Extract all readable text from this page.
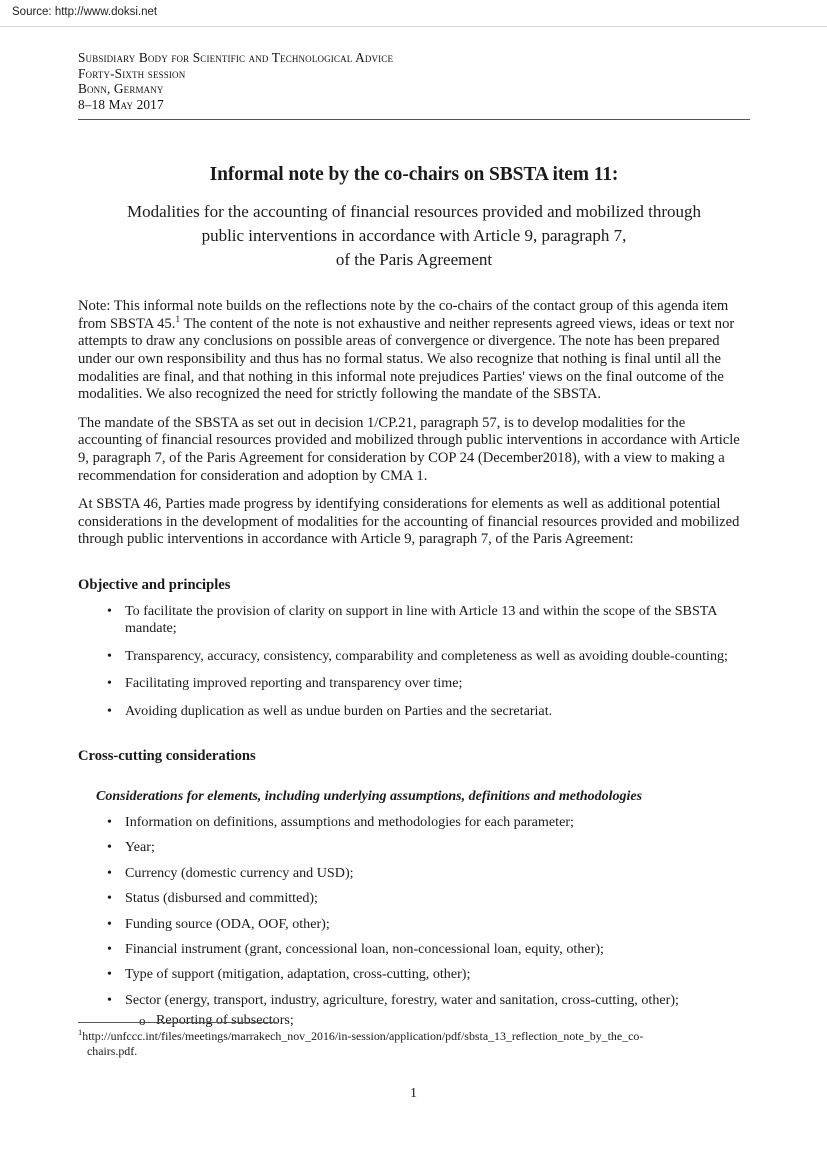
Source: http://www.doksi.net
Subsidiary Body for Scientific and Technological Advice
Forty-Sixth session
Bonn, Germany
8–18 May 2017
Informal note by the co-chairs on SBSTA item 11:
Modalities for the accounting of financial resources provided and mobilized through
public interventions in accordance with Article 9, paragraph 7,
of the Paris Agreement

Note: This informal note builds on the reflections note by the co-chairs of the contact group of this agenda item from SBSTA 45.$^1$ The content of the note is not exhaustive and neither represents agreed views, ideas or text nor attempts to draw any conclusions on possible areas of convergence or divergence. The note has been prepared under our own responsibility and thus has no formal status. We also recognize that nothing is final until all the modalities are final, and that nothing in this informal note prejudices Parties' views on the final outcome of the modalities. We also recognized the need for strictly following the mandate of the SBSTA.

The mandate of the SBSTA as set out in decision 1/CP.21, paragraph 57, is to develop modalities for the accounting of financial resources provided and mobilized through public interventions in accordance with Article 9, paragraph 7, of the Paris Agreement for consideration by COP 24 (December2018), with a view to making a recommendation for consideration and adoption by CMA 1.

At SBSTA 46, Parties made progress by identifying considerations for elements as well as additional potential considerations in the development of modalities for the accounting of financial resources provided and mobilized through public interventions in accordance with Article 9, paragraph 7, of the Paris Agreement:

Objective and principles
• To facilitate the provision of clarity on support in line with Article 13 and within the scope of the SBSTA mandate;
• Transparency, accuracy, consistency, comparability and completeness as well as avoiding double-counting;
• Facilitating improved reporting and transparency over time;
• Avoiding duplication as well as undue burden on Parties and the secretariat.
Cross-cutting considerations
Considerations for elements, including underlying assumptions, definitions and methodologies
• Information on definitions, assumptions and methodologies for each parameter;
• Year;
• Currency (domestic currency and USD);
• Status (disbursed and committed);
• Funding source (ODA, OOF, other);
• Financial instrument (grant, concessional loan, non-concessional loan, equity, other);
• Type of support (mitigation, adaptation, cross-cutting, other);
• Sector (energy, transport, industry, agriculture, forestry, water and sanitation, cross-cutting, other);
o Reporting of subsectors;

$^1$http://unfccc.int/files/meetings/marrakech_nov_2016/in-session/application/pdf/sbsta_13_reflection_note_by_the_co-
chairs.pdf.

1
